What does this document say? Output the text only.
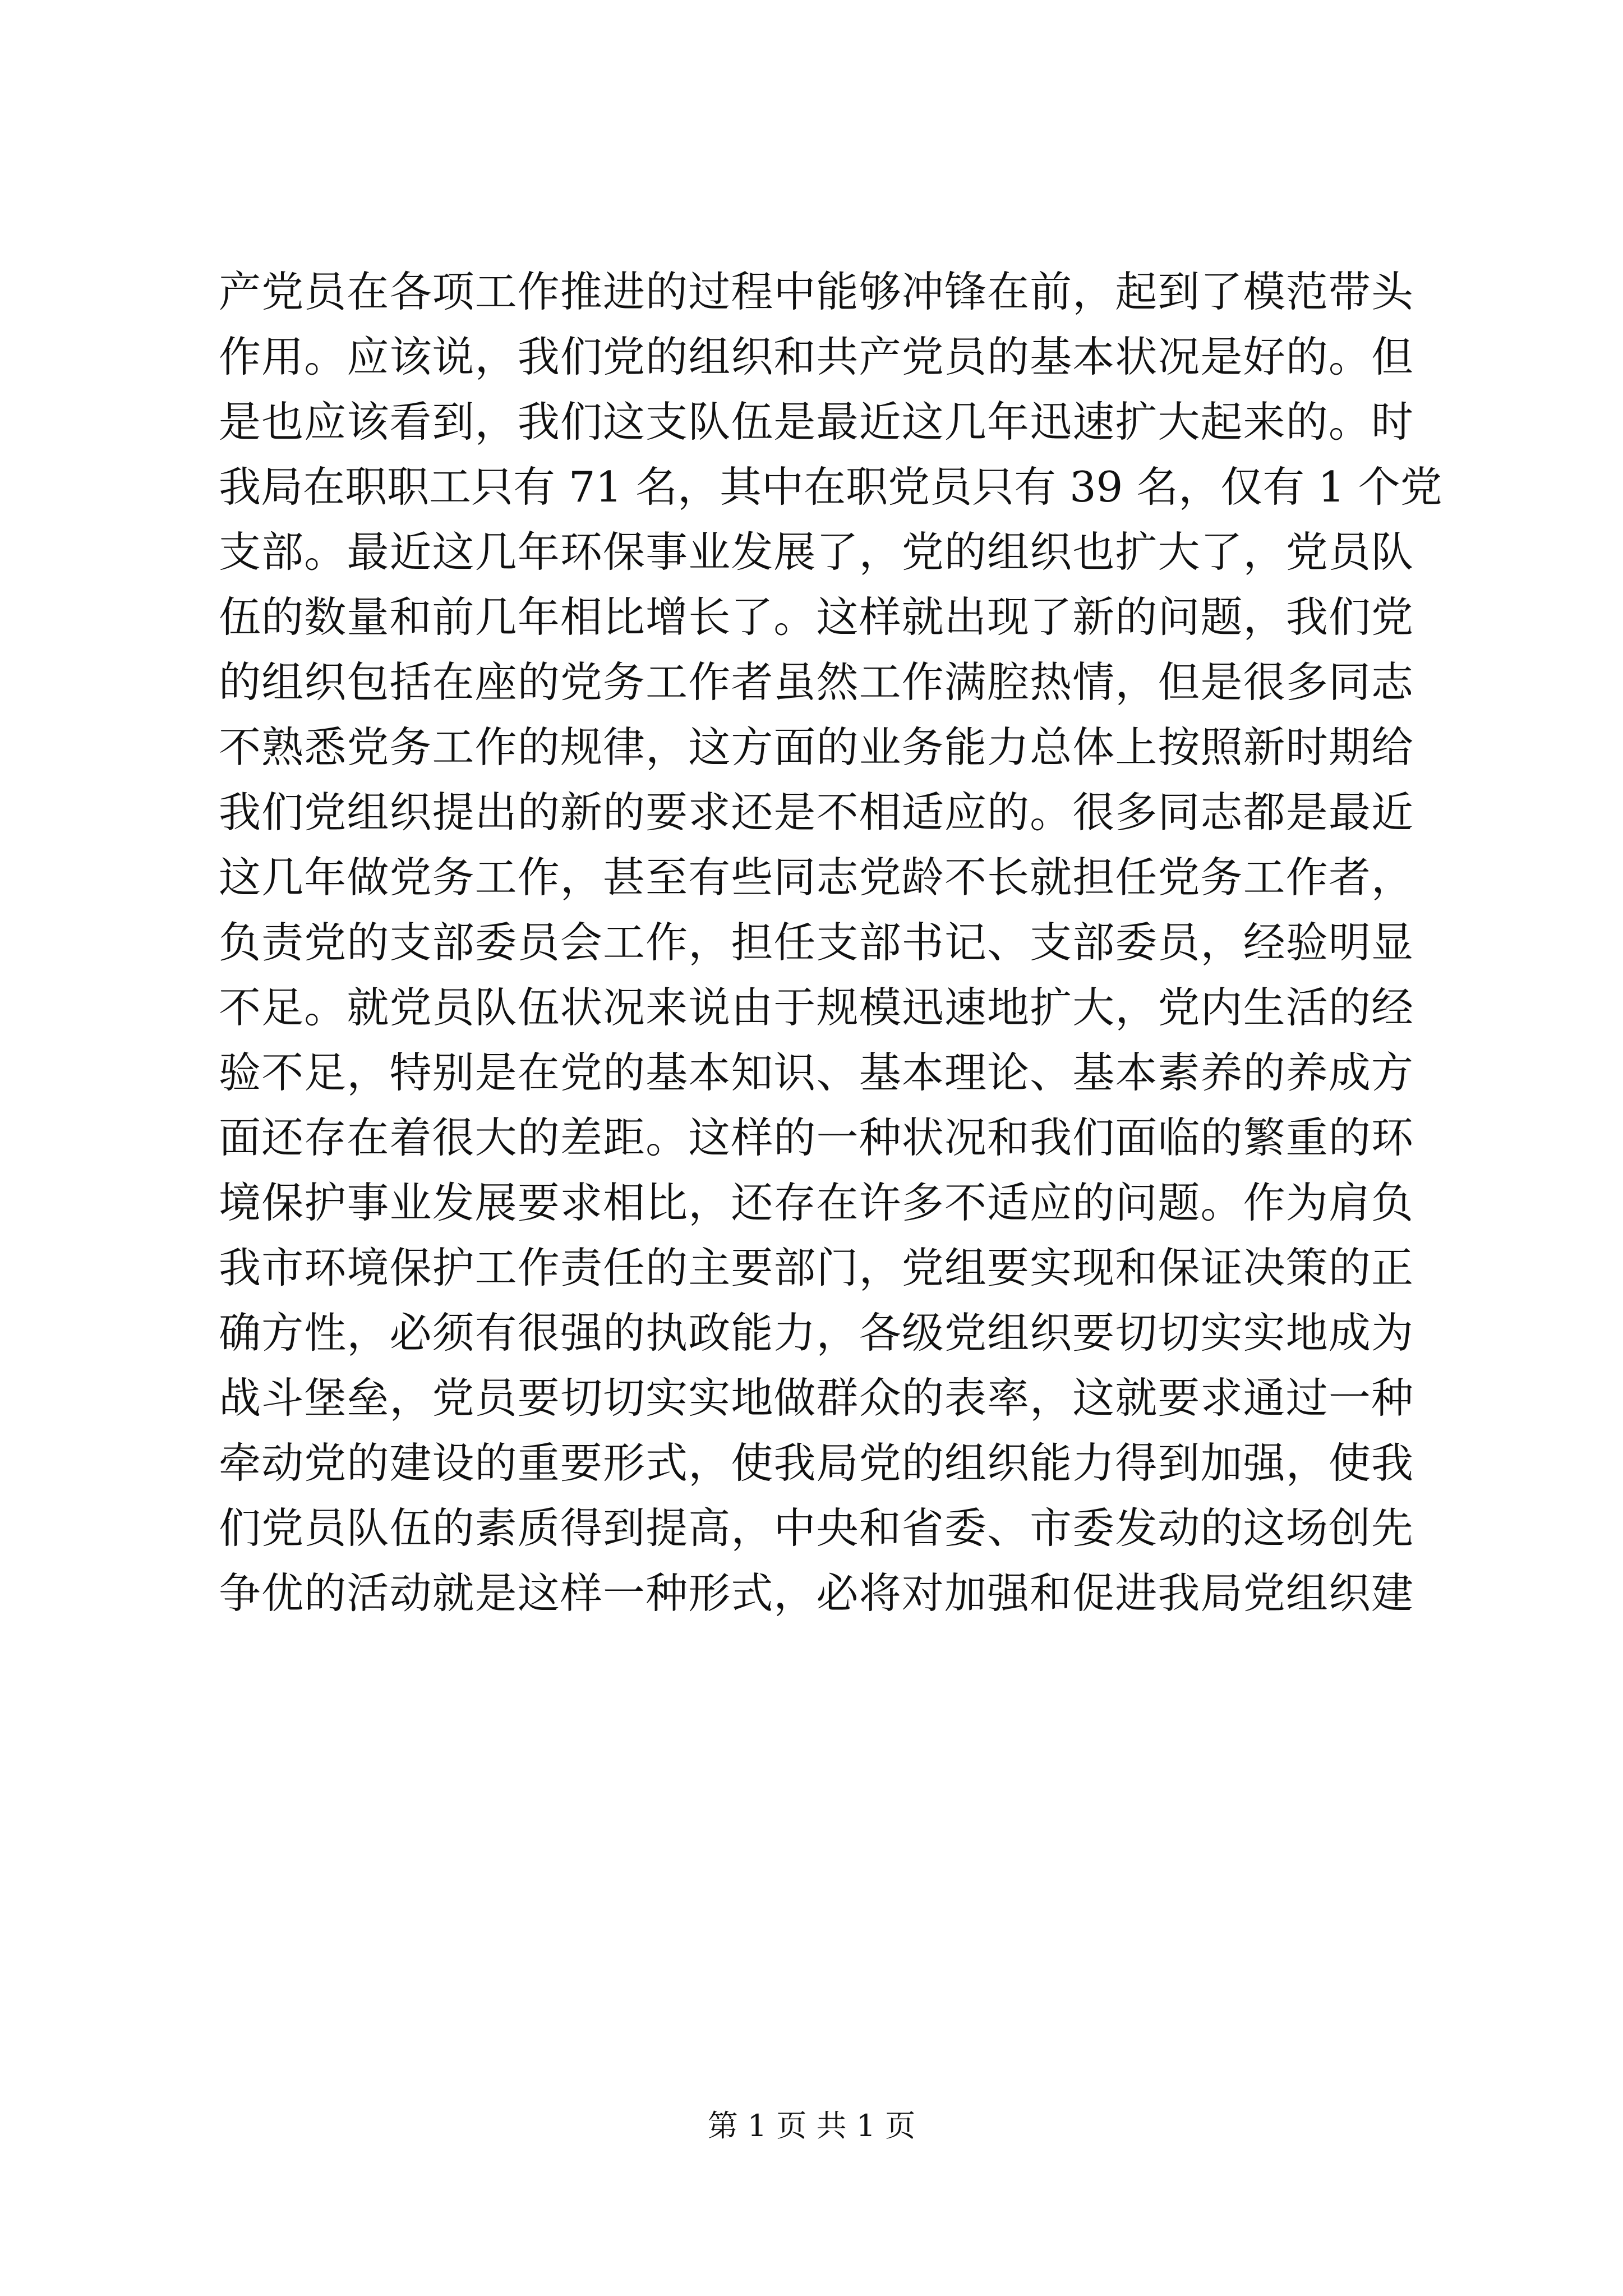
产党员在各项工作推进的过程中能够冲锋在前，起到了模范带头
作用。应该说，我们党的组织和共产党员的基本状况是好的。但
是也应该看到，我们这支队伍是最近这几年迅速扩大起来的。时
我局在职职工只有 71 名，其中在职党员只有 39 名，仅有 1 个党
支部。最近这几年环保事业发展了，党的组织也扩大了，党员队
伍的数量和前几年相比增长了。这样就出现了新的问题，我们党
的组织包括在座的党务工作者虽然工作满腔热情，但是很多同志
不熟悉党务工作的规律，这方面的业务能力总体上按照新时期给
我们党组织提出的新的要求还是不相适应的。很多同志都是最近
这几年做党务工作，甚至有些同志党龄不长就担任党务工作者，
负责党的支部委员会工作，担任支部书记、支部委员，经验明显
不足。就党员队伍状况来说由于规模迅速地扩大，党内生活的经
验不足，特别是在党的基本知识、基本理论、基本素养的养成方
面还存在着很大的差距。这样的一种状况和我们面临的繁重的环
境保护事业发展要求相比，还存在许多不适应的问题。作为肩负
我市环境保护工作责任的主要部门，党组要实现和保证决策的正
确方性，必须有很强的执政能力，各级党组织要切切实实地成为
战斗堡垒，党员要切切实实地做群众的表率，这就要求通过一种
牵动党的建设的重要形式，使我局党的组织能力得到加强，使我
们党员队伍的素质得到提高，中央和省委、市委发动的这场创先
争优的活动就是这样一种形式，必将对加强和促进我局党组织建
第 1 页 共 1 页
